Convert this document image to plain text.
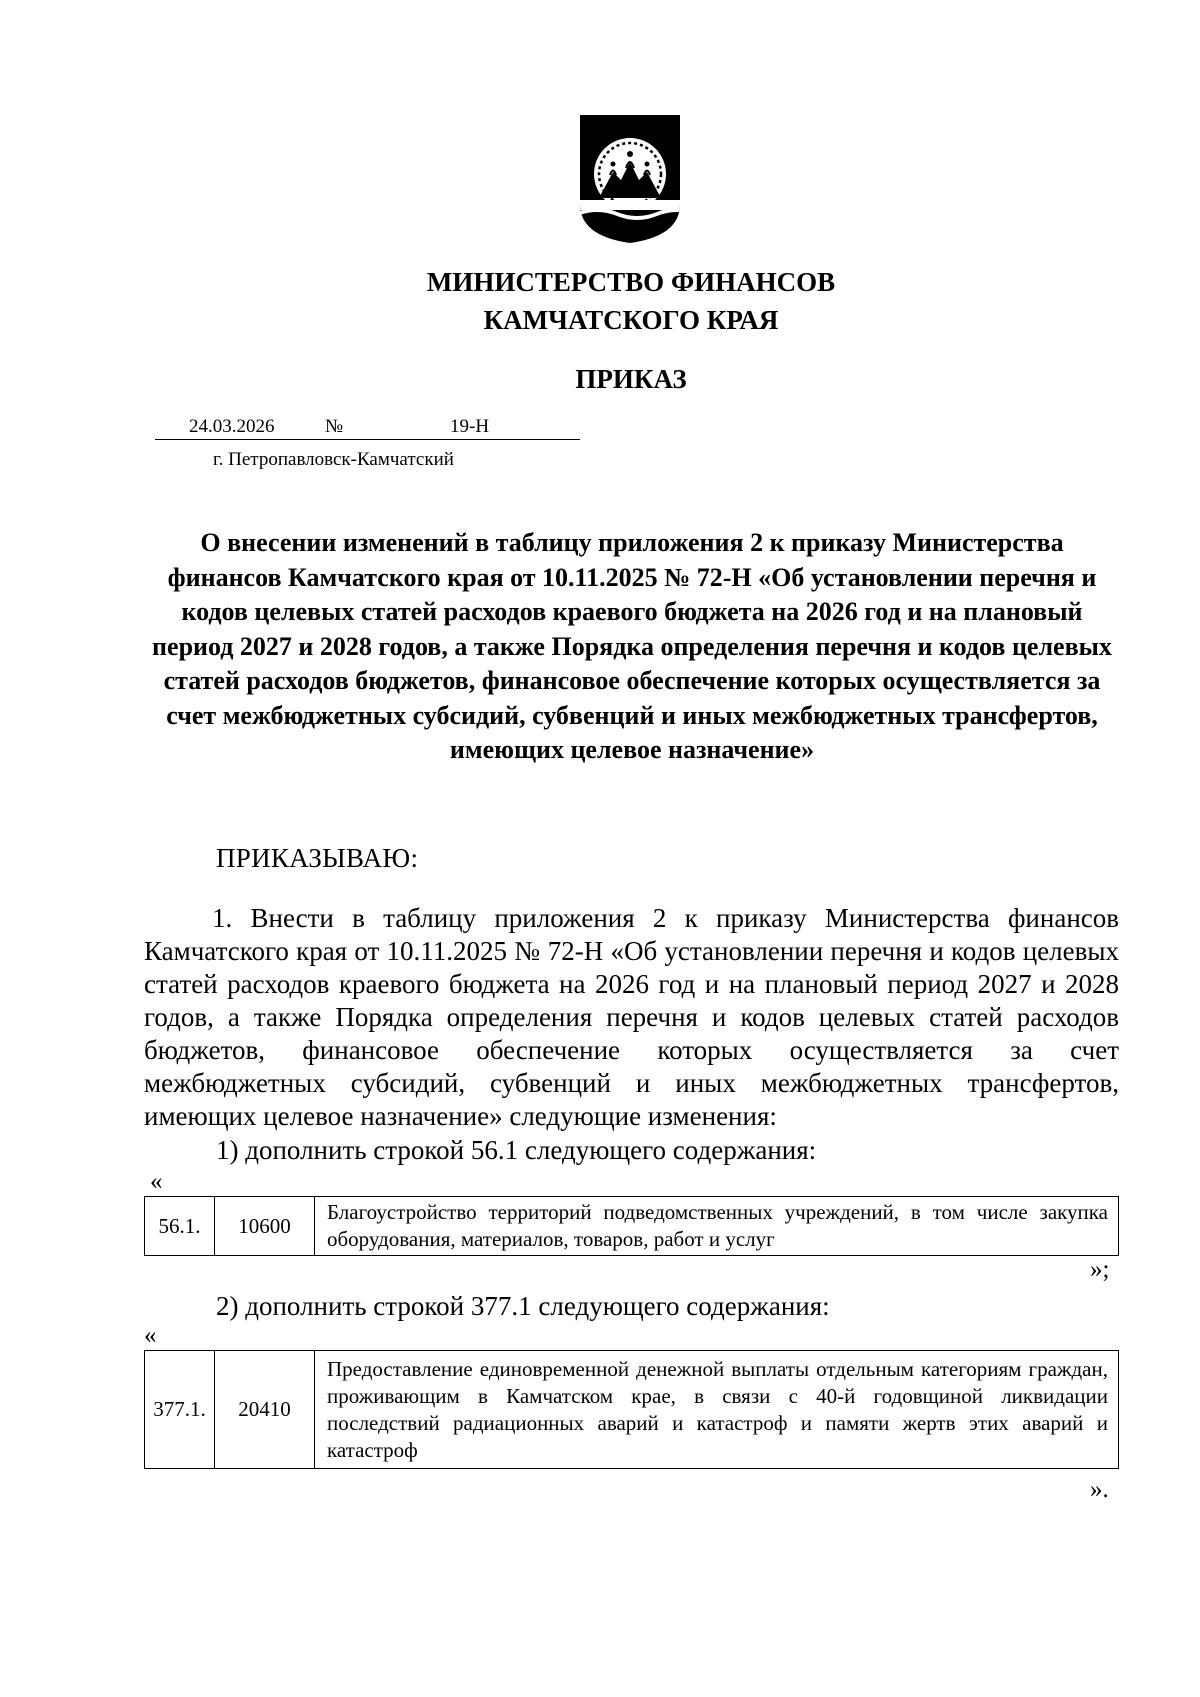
МИНИСТЕРСТВО ФИНАНСОВ
КАМЧАТСКОГО КРАЯ
ПРИКАЗ
24.03.2026	№	19-Н
г. Петропавловск-Камчатский
О внесении изменений в таблицу приложения 2 к приказу Министерства финансов Камчатского края от 10.11.2025 № 72-Н «Об установлении перечня и кодов целевых статей расходов краевого бюджета на 2026 год и на плановый период 2027 и 2028 годов, а также Порядка определения перечня и кодов целевых статей расходов бюджетов, финансовое обеспечение которых осуществляется за счет межбюджетных субсидий, субвенций и иных межбюджетных трансфертов, имеющих целевое назначение»
ПРИКАЗЫВАЮ:
1. Внести в таблицу приложения 2 к приказу Министерства финансов Камчатского края от 10.11.2025 № 72-Н «Об установлении перечня и кодов целевых статей расходов краевого бюджета на 2026 год и на плановый период 2027 и 2028 годов, а также Порядка определения перечня и кодов целевых статей расходов бюджетов, финансовое обеспечение которых осуществляется за счет межбюджетных субсидий, субвенций и иных межбюджетных трансфертов, имеющих целевое назначение» следующие изменения:
1) дополнить строкой 56.1 следующего содержания:
«
56.1.	10600	Благоустройство территорий подведомственных учреждений, в том числе закупка оборудования, материалов, товаров, работ и услуг
»;
2) дополнить строкой 377.1 следующего содержания:
«
377.1.	20410	Предоставление единовременной денежной выплаты отдельным категориям граждан, проживающим в Камчатском крае, в связи с 40-й годовщиной ликвидации последствий радиационных аварий и катастроф и памяти жертв этих аварий и катастроф
».
